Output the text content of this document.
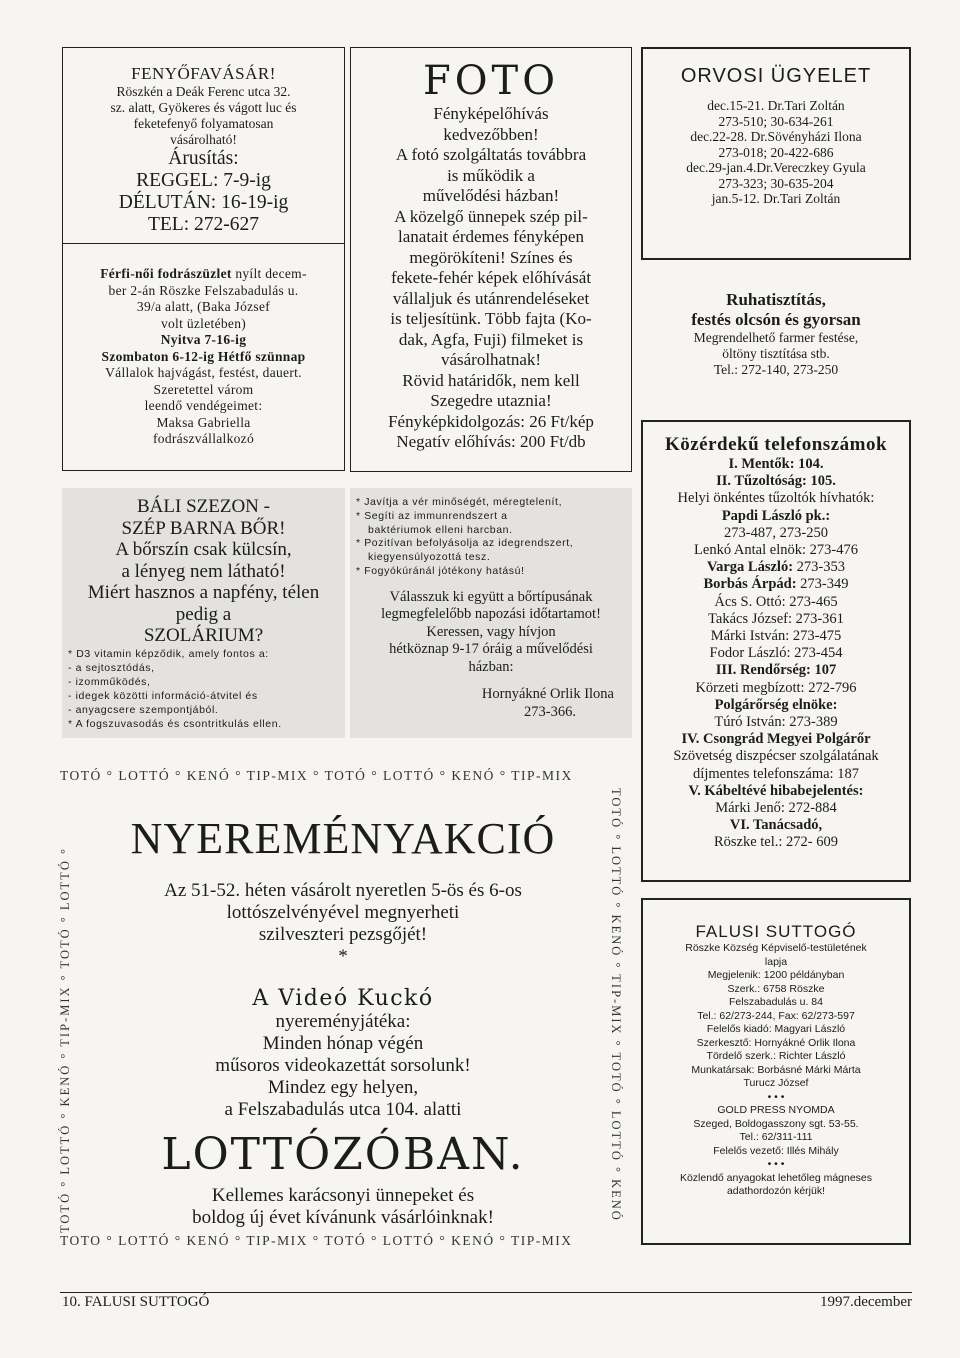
FENYŐFAVÁSÁR!
Röszkén a Deák Ferenc utca 32.
sz. alatt, Gyökeres és vágott luc és
feketefenyő folyamatosan
vásárolható!
Árusítás:
REGGEL: 7-9-ig
DÉLUTÁN: 16-19-ig
TEL: 272-627
Férfi-női fodrászüzlet nyílt decem-
ber 2-án Röszke Felszabadulás u.
39/a alatt, (Baka József
volt üzletében)
Nyitva 7-16-ig
Szombaton 6-12-ig Hétfő szünnap
Vállalok hajvágást, festést, dauert.
Szeretettel várom
leendő vendégeimet:
Maksa Gabriella
fodrászvállalkozó
BÁLI SZEZON -
SZÉP BARNA BŐR!
A bőrszín csak külcsín,
a lényeg nem látható!
Miért hasznos a napfény, télen
pedig a
SZOLÁRIUM?
* D3 vitamin képződik, amely fontos a:
- a sejtosztódás,
- izomműködés,
- idegek közötti információ-átvitel és
- anyagcsere szempontjából.
* A fogszuvasodás és csontritkulás ellen.
FOTO
Fényképelőhívás
kedvezőbben!
A fotó szolgáltatás továbbra
is működik a
művelődési házban!
A közelgő ünnepek szép pil-
lanatait érdemes fényképen
megörökíteni! Színes és
fekete-fehér képek előhívását
vállaljuk és utánrendeléseket
is teljesítünk. Több fajta (Ko-
dak, Agfa, Fuji) filmeket is
vásárolhatnak!
Rövid határidők, nem kell
Szegedre utaznia!
Fényképkidolgozás: 26 Ft/kép
Negatív előhívás: 200 Ft/db
* Javítja a vér minőségét, méregtelenít,
* Segíti az immunrendszert a
baktériumok elleni harcban.
* Pozitívan befolyásolja az idegrendszert,
kiegyensúlyozottá tesz.
* Fogyókúránál jótékony hatású!
Válasszuk ki együtt a bőrtípusának
legmegfelelőbb napozási időtartamot!
Keressen, vagy hívjon
hétköznap 9-17 óráig a művelődési
házban:
Hornyákné Orlik Ilona
273-366.
ORVOSI ÜGYELET
dec.15-21. Dr.Tari Zoltán
273-510; 30-634-261
dec.22-28. Dr.Sövényházi Ilona
273-018; 20-422-686
dec.29-jan.4.Dr.Vereczkey Gyula
273-323; 30-635-204
jan.5-12. Dr.Tari Zoltán
Ruhatisztítás,
festés olcsón és gyorsan
Megrendelhető farmer festése,
öltöny tisztítása stb.
Tel.: 272-140, 273-250
Közérdekű telefonszámok
I. Mentők: 104.
II. Tűzoltóság: 105.
Helyi önkéntes tűzoltók hívhatók:
Papdi László pk.:
273-487, 273-250
Lenkó Antal elnök: 273-476
Varga László: 273-353
Borbás Árpád: 273-349
Ács S. Ottó: 273-465
Takács József: 273-361
Márki István: 273-475
Fodor László: 273-454
III. Rendőrség: 107
Körzeti megbízott: 272-796
Polgárőrség elnöke:
Túró István: 273-389
IV. Csongrád Megyei Polgárőr
Szövetség diszpécser szolgálatának
díjmentes telefonszáma: 187
V. Kábeltévé hibabejelentés:
Márki Jenő: 272-884
VI. Tanácsadó,
Röszke tel.: 272- 609
FALUSI SUTTOGÓ
Röszke Község Képviselő-testületének
lapja
Megjelenik: 1200 példányban
Szerk.: 6758 Röszke
Felszabadulás u. 84
Tel.: 62/273-244, Fax: 62/273-597
Felelős kiadó: Magyari László
Szerkesztő: Hornyákné Orlik Ilona
Tördelő szerk.: Richter László
Munkatársak: Borbásné Márki Márta
Turucz József
• • •
GOLD PRESS NYOMDA
Szeged, Boldogasszony sgt. 53-55.
Tel.: 62/311-111
Felelős vezető: Illés Mihály
• • •
Közlendő anyagokat lehetőleg mágneses
adathordozón kérjük!
TOTÓ ° LOTTÓ ° KENÓ ° TIP-MIX ° TOTÓ ° LOTTÓ ° KENÓ ° TIP-MIX
TOTÓ ° LOTTÓ ° KENÓ ° TIP-MIX ° TOTÓ ° LOTTÓ °	TOTÓ ° LOTTÓ ° KENÓ ° TIP-MIX ° TOTÓ ° LOTTÓ ° KENÓ
TOTO ° LOTTÓ ° KENÓ ° TIP-MIX ° TOTÓ ° LOTTÓ ° KENÓ ° TIP-MIX
NYEREMÉNYAKCIÓ
Az 51-52. héten vásárolt nyeretlen 5-ös és 6-os
lottószelvényével megnyerheti
szilveszteri pezsgőjét!
*
A Videó Kuckó
nyereményjátéka:
Minden hónap végén
műsoros videokazettát sorsolunk!
Mindez egy helyen,
a Felszabadulás utca 104. alatti
LOTTÓZÓBAN.
Kellemes karácsonyi ünnepeket és
boldog új évet kívánunk vásárlóinknak!
10. FALUSI SUTTOGÓ	1997.december
